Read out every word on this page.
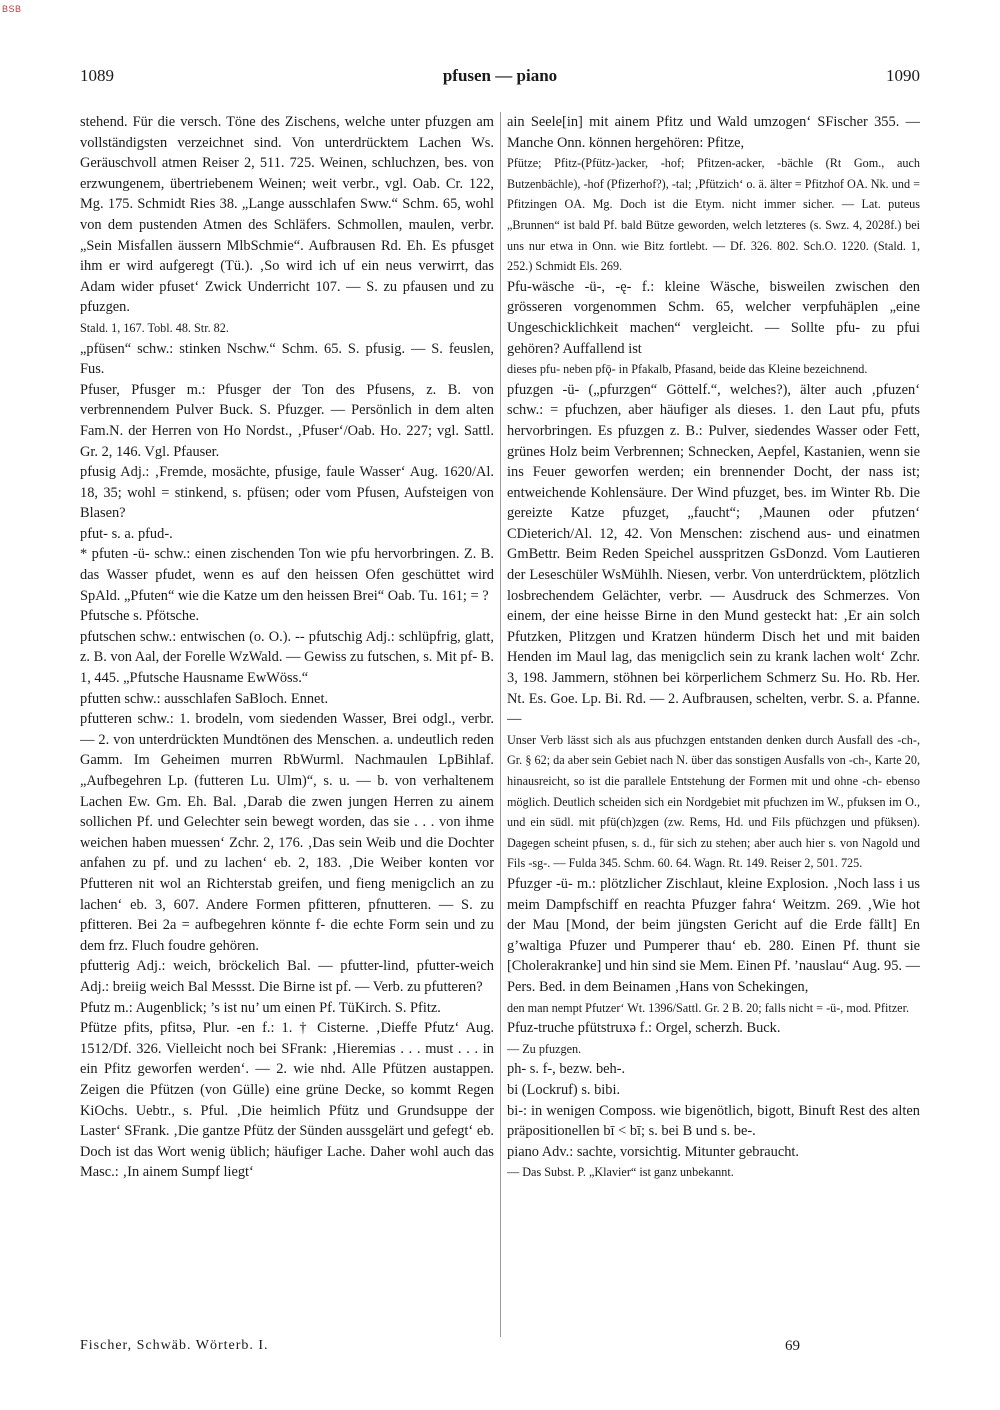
BSB
1089	pfusen — piano	1090

stehend. Für die versch. Töne des Zischens, welche unter pfuzgen am vollständigsten verzeichnet sind. Von unterdrücktem Lachen Ws. Geräuschvoll atmen Reiser 2, 511. 725. Weinen, schluchzen, bes. von erzwungenem, übertriebenem Weinen; weit verbr., vgl. Oab. Cr. 122, Mg. 175. Schmidt Ries 38. „Lange ausschlafen Sww.“ Schm. 65, wohl von dem pustenden Atmen des Schläfers. Schmollen, maulen, verbr. „Sein Misfallen äussern MlbSchmie“. Aufbrausen Rd. Eh. Es pfusget ihm er wird aufgeregt (Tü.). ‚So wird ich uf ein neus verwirrt, das Adam wider pfuset‘ Zwick Underricht 107. — S. zu pfausen und zu pfuzgen.

Stald. 1, 167. Tobl. 48. Str. 82.

„pfüsen“ schw.: stinken Nschw.“ Schm. 65. S. pfusig. — S. feuslen, Fus.

Pfuser, Pfusger m.: Pfusger der Ton des Pfusens, z. B. von verbrennendem Pulver Buck. S. Pfuzger. — Persönlich in dem alten Fam.N. der Herren von Ho Nordst., ‚Pfuser‘/Oab. Ho. 227; vgl. Sattl. Gr. 2, 146. Vgl. Pfauser.

pfusig Adj.: ‚Fremde, mosächte, pfusige, faule Wasser‘ Aug. 1620/Al. 18, 35; wohl = stinkend, s. pfüsen; oder vom Pfusen, Aufsteigen von Blasen?

pfut- s. a. pfud-.

* pfuten -ü- schw.: einen zischenden Ton wie pfu hervorbringen. Z. B. das Wasser pfudet, wenn es auf den heissen Ofen geschüttet wird SpAld. „Pfuten“ wie die Katze um den heissen Brei“ Oab. Tu. 161; = ?

Pfutsche s. Pfötsche.

pfutschen schw.: entwischen (o. O.). -- pfutschig Adj.: schlüpfrig, glatt, z. B. von Aal, der Forelle WzWald. — Gewiss zu futschen, s. Mit pf- B. 1, 445. „Pfutsche Hausname EwWöss.“

pfutten schw.: ausschlafen SaBloch. Ennet.

pfutteren schw.: 1. brodeln, vom siedenden Wasser, Brei odgl., verbr. — 2. von unterdrückten Mundtönen des Menschen. a. undeutlich reden Gamm. Im Geheimen murren RbWurml. Nachmaulen LpBihlaf. „Aufbegehren Lp. (futteren Lu. Ulm)“, s. u. — b. von verhaltenem Lachen Ew. Gm. Eh. Bal. ‚Darab die zwen jungen Herren zu ainem sollichen Pf. und Gelechter sein bewegt worden, das sie . . . von ihme weichen haben muessen‘ Zchr. 2, 176. ‚Das sein Weib und die Dochter anfahen zu pf. und zu lachen‘ eb. 2, 183. ‚Die Weiber konten vor Pfutteren nit wol an Richterstab greifen, und fieng menigclich an zu lachen‘ eb. 3, 607. Andere Formen pfitteren, pfnutteren. — S. zu pfitteren. Bei 2a = aufbegehren könnte f- die echte Form sein und zu dem frz. Fluch foudre gehören.

pfutterig Adj.: weich, bröckelich Bal. — pfutter-lind, pfutter-weich Adj.: breiig weich Bal Messst. Die Birne ist pf. — Verb. zu pfutteren?

Pfutz m.: Augenblick; ’s ist nu’ um einen Pf. TüKirch. S. Pfitz.

Pfütze pfits, pfitsə, Plur. -en f.: 1. † Cisterne. ‚Dieffe Pfutz‘ Aug. 1512/Df. 326. Vielleicht noch bei SFrank: ‚Hieremias . . . must . . . in ein Pfitz geworfen werden‘. — 2. wie nhd. Alle Pfützen austappen. Zeigen die Pfützen (von Gülle) eine grüne Decke, so kommt Regen KiOchs. Uebtr., s. Pful. ‚Die heimlich Pfütz und Grundsuppe der Laster‘ SFrank. ‚Die gantze Pfütz der Sünden aussgelärt und gefegt‘ eb. Doch ist das Wort wenig üblich; häufiger Lache. Daher wohl auch das Masc.: ‚In ainem Sumpf liegt‘

ain Seele[in] mit ainem Pfitz und Wald umzogen‘ SFischer 355. — Manche Onn. können hergehören: Pfitze,

Pfütze; Pfitz-(Pfütz-)acker, -hof; Pfitzen-acker, -bächle (Rt Gom., auch Butzenbächle), -hof (Pfizerhof?), -tal; ‚Pfützich‘ o. ä. älter = Pfitzhof OA. Nk. und = Pfitzingen OA. Mg. Doch ist die Etym. nicht immer sicher. — Lat. puteus „Brunnen“ ist bald Pf. bald Bütze geworden, welch letzteres (s. Swz. 4, 2028f.) bei uns nur etwa in Onn. wie Bitz fortlebt. — Df. 326. 802. Sch.O. 1220. (Stald. 1, 252.) Schmidt Els. 269.

Pfu-wäsche -ü-, -ę- f.: kleine Wäsche, bisweilen zwischen den grösseren vorgenommen Schm. 65, welcher verpfuhäplen „eine Ungeschicklichkeit machen“ vergleicht. — Sollte pfu- zu pfui gehören? Auffallend ist

dieses pfu- neben pfǭ- in Pfakalb, Pfasand, beide das Kleine bezeichnend.

pfuzgen -ü- („pfurzgen“ Göttelf.“, welches?), älter auch ‚pfuzen‘ schw.: = pfuchzen, aber häufiger als dieses. 1. den Laut pfu, pfuts hervorbringen. Es pfuzgen z. B.: Pulver, siedendes Wasser oder Fett, grünes Holz beim Verbrennen; Schnecken, Aepfel, Kastanien, wenn sie ins Feuer geworfen werden; ein brennender Docht, der nass ist; entweichende Kohlensäure. Der Wind pfuzget, bes. im Winter Rb. Die gereizte Katze pfuzget, „faucht“; ‚Maunen oder pfutzen‘ CDieterich/Al. 12, 42. Von Menschen: zischend aus- und einatmen GmBettr. Beim Reden Speichel ausspritzen GsDonzd. Vom Lautieren der Leseschüler WsMühlh. Niesen, verbr. Von unterdrücktem, plötzlich losbrechendem Gelächter, verbr. — Ausdruck des Schmerzes. Von einem, der eine heisse Birne in den Mund gesteckt hat: ‚Er ain solch Pfutzken, Plitzgen und Kratzen hünderm Disch het und mit baiden Henden im Maul lag, das menigclich sein zu krank lachen wolt‘ Zchr. 3, 198. Jammern, stöhnen bei körperlichem Schmerz Su. Ho. Rb. Her. Nt. Es. Goe. Lp. Bi. Rd. — 2. Aufbrausen, schelten, verbr. S. a. Pfanne. —

Unser Verb lässt sich als aus pfuchzgen entstanden denken durch Ausfall des -ch-, Gr. § 62; da aber sein Gebiet nach N. über das sonstigen Ausfalls von -ch-, Karte 20, hinausreicht, so ist die parallele Entstehung der Formen mit und ohne -ch- ebenso möglich. Deutlich scheiden sich ein Nordgebiet mit pfuchzen im W., pfuksen im O., und ein südl. mit pfü(ch)zgen (zw. Rems, Hd. und Fils pfüchzgen und pfüksen). Dagegen scheint pfusen, s. d., für sich zu stehen; aber auch hier s. von Nagold und Fils -sg-. — Fulda 345. Schm. 60. 64. Wagn. Rt. 149. Reiser 2, 501. 725.

Pfuzger -ü- m.: plötzlicher Zischlaut, kleine Explosion. ‚Noch lass i us meim Dampfschiff en reachta Pfuzger fahra‘ Weitzm. 269. ‚Wie hot der Mau [Mond, der beim jüngsten Gericht auf die Erde fällt] En g’waltiga Pfuzer und Pumperer thau‘ eb. 280. Einen Pf. thunt sie [Cholerakranke] und hin sind sie Mem. Einen Pf. ’nauslau“ Aug. 95. — Pers. Bed. in dem Beinamen ‚Hans von Schekingen,

den man nempt Pfutzer‘ Wt. 1396/Sattl. Gr. 2 B. 20; falls nicht = -ü-, mod. Pfitzer.

Pfuz-truche pfütstruxə f.: Orgel, scherzh. Buck.

— Zu pfuzgen.

ph- s. f-, bezw. beh-.

bi (Lockruf) s. bibi.

bi-: in wenigen Composs. wie bigenötlich, bigott, Binuft Rest des alten präpositionellen bī < bī; s. bei B und s. be-.

piano Adv.: sachte, vorsichtig. Mitunter gebraucht.

— Das Subst. P. „Klavier“ ist ganz unbekannt.

Fischer, Schwäb. Wörterb. I.	69
